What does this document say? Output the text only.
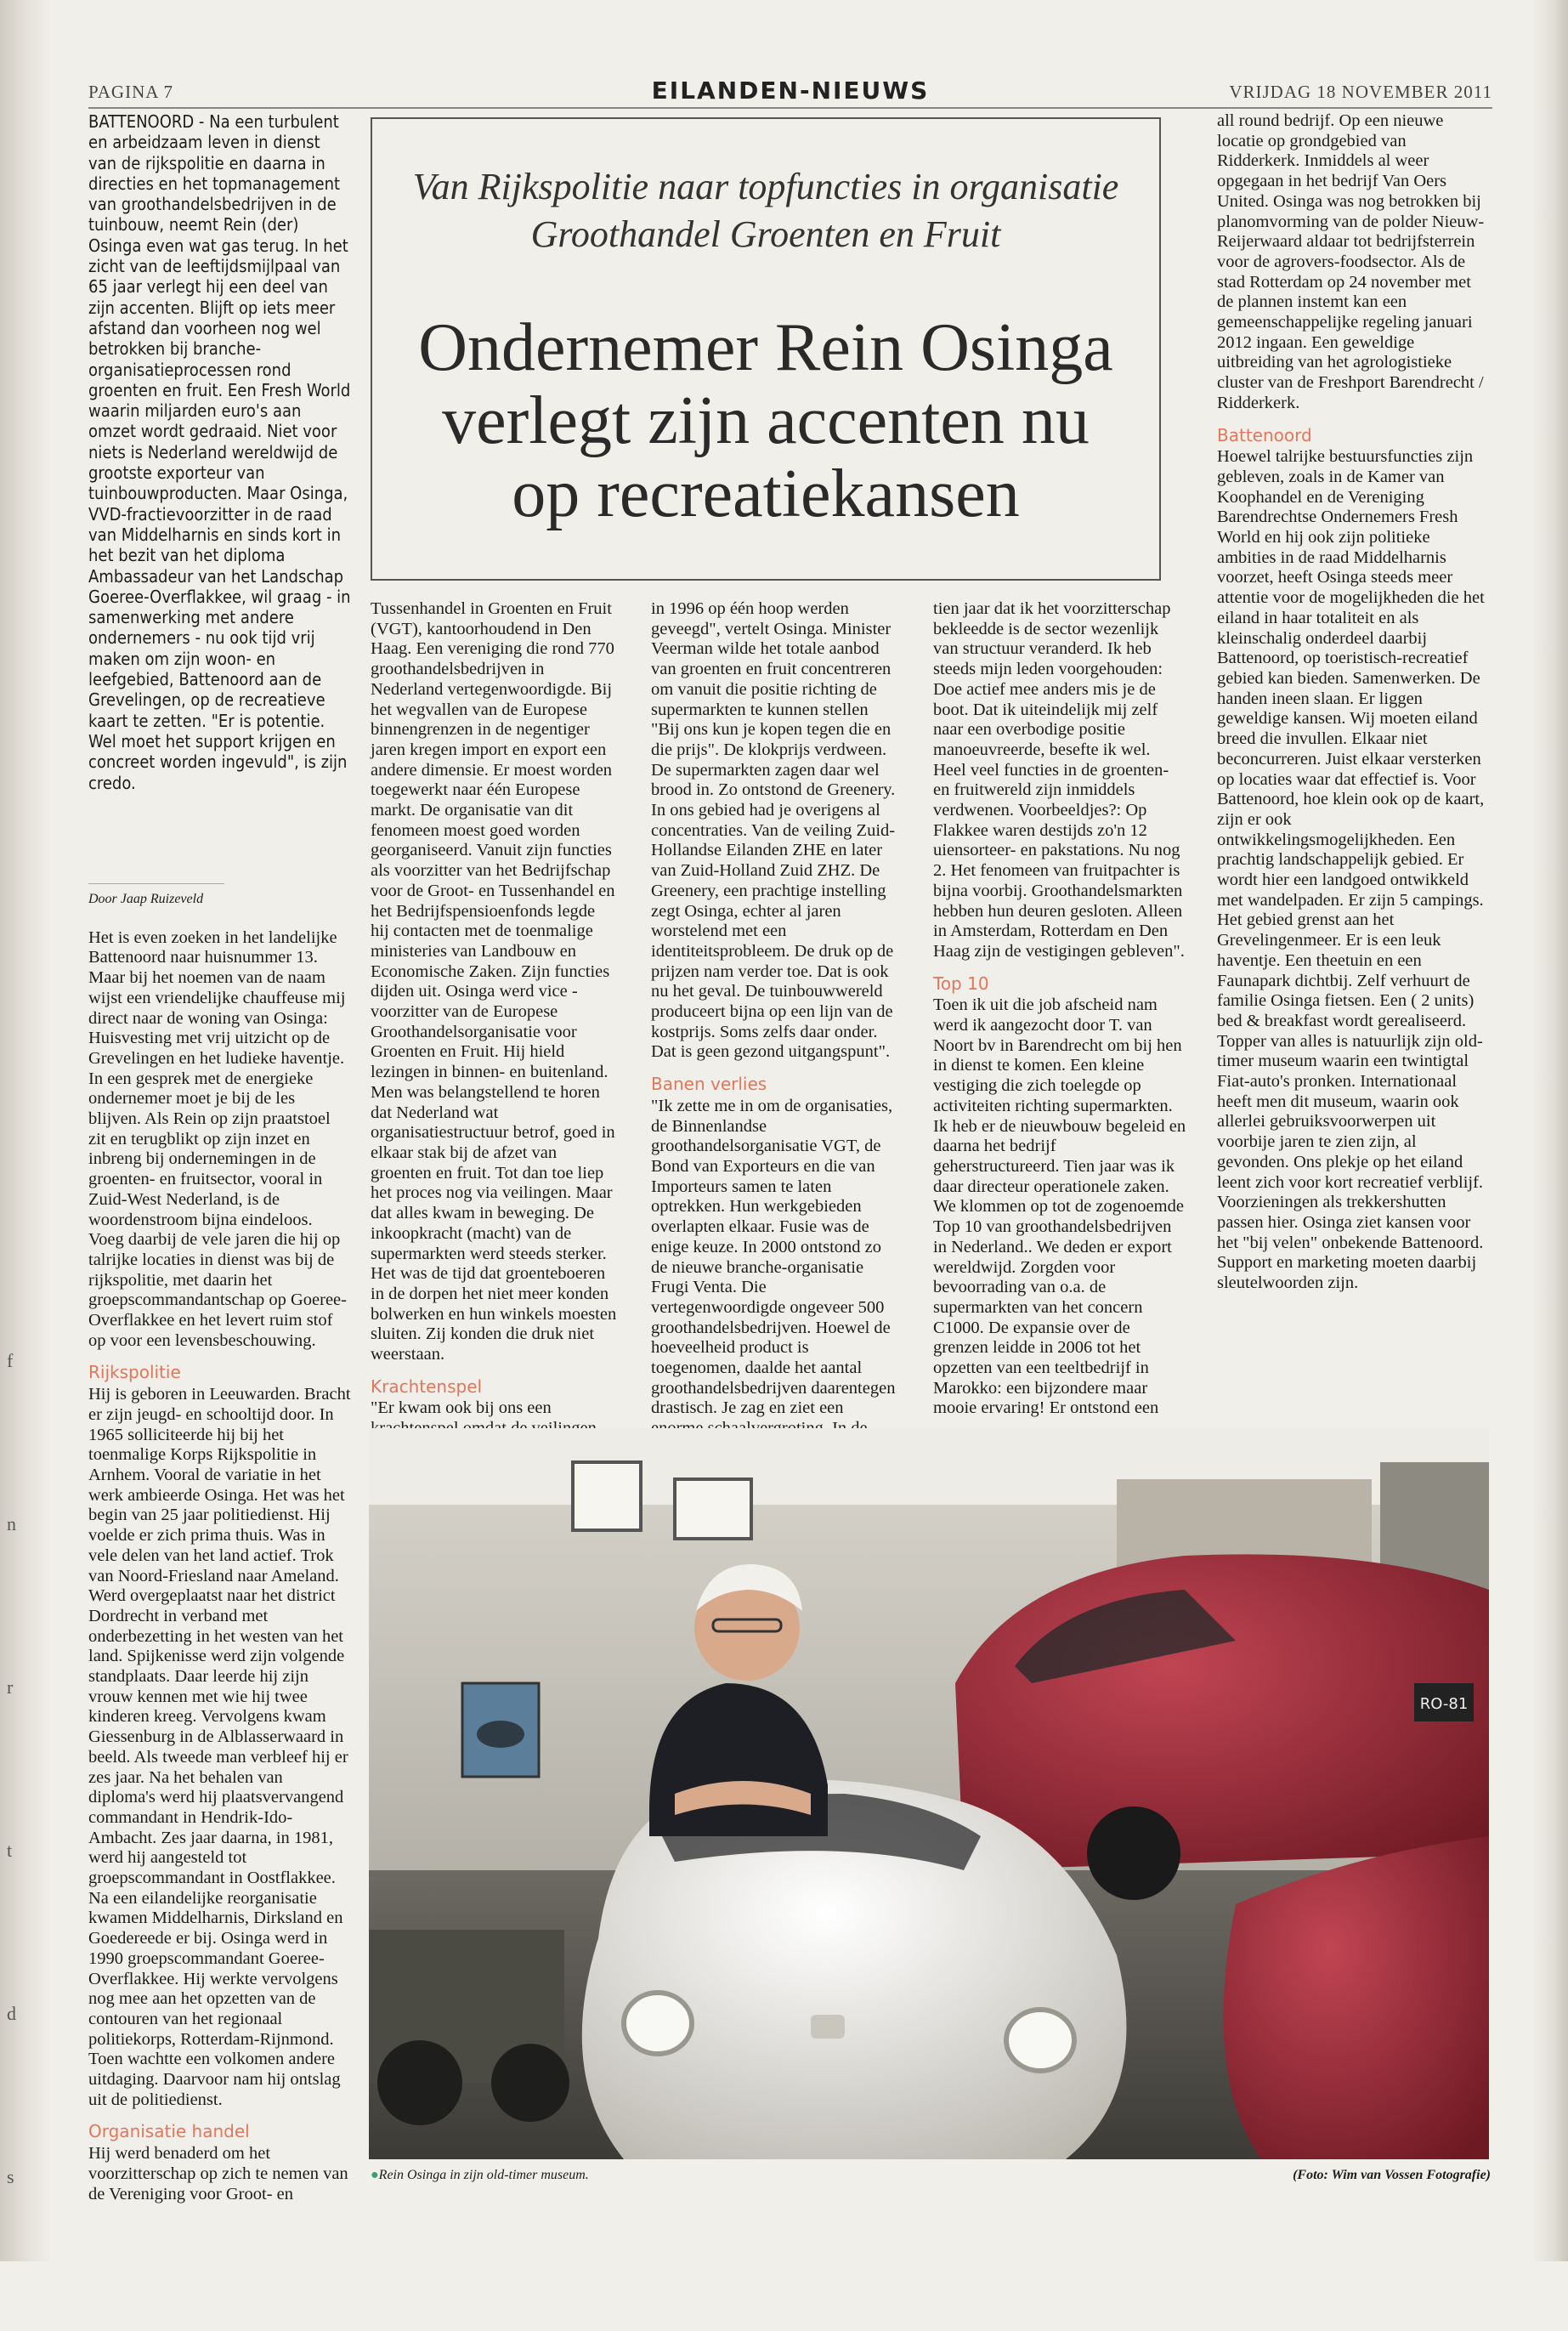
f
n
r
t
d
s
PAGINA 7	EILANDEN-NIEUWS	VRIJDAG 18 NOVEMBER 2011

BATTENOORD - Na een turbulent en arbeidzaam leven in dienst van de rijkspolitie en daarna in directies en het topmanagement van groothandelsbedrijven in de tuinbouw, neemt Rein (der) Osinga even wat gas terug. In het zicht van de leeftijdsmijlpaal van 65 jaar verlegt hij een deel van zijn accenten. Blijft op iets meer afstand dan voorheen nog wel betrokken bij branche-organisatieprocessen rond groenten en fruit. Een Fresh World waarin miljarden euro's aan omzet wordt gedraaid. Niet voor niets is Nederland wereldwijd de grootste exporteur van tuinbouwproducten. Maar Osinga, VVD-fractievoorzitter in de raad van Middelharnis en sinds kort in het bezit van het diploma Ambassadeur van het Landschap Goeree-Overflakkee, wil graag - in samenwerking met andere ondernemers - nu ook tijd vrij maken om zijn woon- en leefgebied, Battenoord aan de Grevelingen, op de recreatieve kaart te zetten. "Er is potentie. Wel moet het support krijgen en concreet worden ingevuld", is zijn credo.

Door Jaap Ruizeveld

Het is even zoeken in het landelijke Battenoord naar huisnummer 13. Maar bij het noemen van de naam wijst een vriendelijke chauffeuse mij direct naar de woning van Osinga: Huisvesting met vrij uitzicht op de Grevelingen en het ludieke haventje. In een gesprek met de energieke ondernemer moet je bij de les blijven. Als Rein op zijn praatstoel zit en terugblikt op zijn inzet en inbreng bij ondernemingen in de groenten- en fruitsector, vooral in Zuid-West Nederland, is de woordenstroom bijna eindeloos. Voeg daarbij de vele jaren die hij op talrijke locaties in dienst was bij de rijkspolitie, met daarin het groepscommandantschap op Goeree-Overflakkee en het levert ruim stof op voor een levensbeschouwing.

Rijkspolitie

Hij is geboren in Leeuwarden. Bracht er zijn jeugd- en schooltijd door. In 1965 solliciteerde hij bij het toenmalige Korps Rijkspolitie in Arnhem. Vooral de variatie in het werk ambieerde Osinga. Het was het begin van 25 jaar politiedienst. Hij voelde er zich prima thuis. Was in vele delen van het land actief. Trok van Noord-Friesland naar Ameland. Werd overgeplaatst naar het district Dordrecht in verband met onderbezetting in het westen van het land. Spijkenisse werd zijn volgende standplaats. Daar leerde hij zijn vrouw kennen met wie hij twee kinderen kreeg. Vervolgens kwam Giessenburg in de Alblasserwaard in beeld. Als tweede man verbleef hij er zes jaar. Na het behalen van diploma's werd hij plaatsvervangend commandant in Hendrik-Ido-Ambacht. Zes jaar daarna, in 1981, werd hij aangesteld tot groepscommandant in Oostflakkee. Na een eilandelijke reorganisatie kwamen Middelharnis, Dirksland en Goedereede er bij. Osinga werd in 1990 groepscommandant Goeree-Overflakkee. Hij werkte vervolgens nog mee aan het opzetten van de contouren van het regionaal politiekorps, Rotterdam-Rijnmond. Toen wachtte een volkomen andere uitdaging. Daarvoor nam hij ontslag uit de politiedienst.

Organisatie handel

Hij werd benaderd om het voorzitterschap op zich te nemen van de Vereniging voor Groot- en

Van Rijkspolitie naar topfuncties in organisatie
Groothandel Groenten en Fruit
Ondernemer Rein Osinga
verlegt zijn accenten nu
op recreatiekansen

Tussenhandel in Groenten en Fruit (VGT), kantoorhoudend in Den Haag. Een vereniging die rond 770 groothandelsbedrijven in Nederland vertegenwoordigde. Bij het wegvallen van de Europese binnengrenzen in de negentiger jaren kregen import en export een andere dimensie. Er moest worden toegewerkt naar één Europese markt. De organisatie van dit fenomeen moest goed worden georganiseerd. Vanuit zijn functies als voorzitter van het Bedrijfschap voor de Groot- en Tussenhandel en het Bedrijfspensioenfonds legde hij contacten met de toenmalige ministeries van Landbouw en Economische Zaken. Zijn functies dijden uit. Osinga werd vice - voorzitter van de Europese Groothandelsorganisatie voor Groenten en Fruit. Hij hield lezingen in binnen- en buitenland. Men was belangstellend te horen dat Nederland wat organisatiestructuur betrof, goed in elkaar stak bij de afzet van groenten en fruit. Tot dan toe liep het proces nog via veilingen. Maar dat alles kwam in beweging. De inkoopkracht (macht) van de supermarkten werd steeds sterker. Het was de tijd dat groenteboeren in de dorpen het niet meer konden bolwerken en hun winkels moesten sluiten. Zij konden die druk niet weerstaan.

Krachtenspel

"Er kwam ook bij ons een

in 1996 op één hoop werden geveegd", vertelt Osinga. Minister Veerman wilde het totale aanbod van groenten en fruit concentreren om vanuit die positie richting de supermarkten te kunnen stellen "Bij ons kun je kopen tegen die en die prijs". De klokprijs verdween. De supermarkten zagen daar wel brood in. Zo ontstond de Greenery. In ons gebied had je overigens al concentraties. Van de veiling Zuid-Hollandse Eilanden ZHE en later van Zuid-Holland Zuid ZHZ. De Greenery, een prachtige instelling zegt Osinga, echter al jaren worstelend met een identiteitsprobleem. De druk op de prijzen nam verder toe. Dat is ook nu het geval. De tuinbouwwereld produceert bijna op een lijn van de kostprijs. Soms zelfs daar onder. Dat is geen gezond uitgangspunt".

Banen verlies

"Ik zette me in om de organisaties, de Binnenlandse groothandelsorganisatie VGT, de Bond van Exporteurs en die van Importeurs samen te laten optrekken. Hun werkgebieden overlapten elkaar. Fusie was de enige keuze. In 2000 ontstond zo de nieuwe branche-organisatie Frugi Venta. Die vertegenwoordigde ongeveer 500 groothandelsbedrijven. Hoewel de hoeveelheid product is toegenomen, daalde het aantal groothandelsbedrijven daarentegen drastisch. Je zag en ziet een

tien jaar dat ik het voorzitterschap bekleedde is de sector wezenlijk van structuur veranderd. Ik heb steeds mijn leden voorgehouden: Doe actief mee anders mis je de boot. Dat ik uiteindelijk mij zelf naar een overbodige positie manoeuvreerde, besefte ik wel. Heel veel functies in de groenten- en fruitwereld zijn inmiddels verdwenen. Voorbeeldjes?: Op Flakkee waren destijds zo'n 12 uiensorteer- en pakstations. Nu nog 2. Het fenomeen van fruitpachter is bijna voorbij. Groothandelsmarkten hebben hun deuren gesloten. Alleen in Amsterdam, Rotterdam en Den Haag zijn de vestigingen gebleven".

Top 10

Toen ik uit die job afscheid nam werd ik aangezocht door T. van Noort bv in Barendrecht om bij hen in dienst te komen. Een kleine vestiging die zich toelegde op activiteiten richting supermarkten. Ik heb er de nieuwbouw begeleid en daarna het bedrijf geherstructureerd. Tien jaar was ik daar directeur operationele zaken. We klommen op tot de zogenoemde Top 10 van groothandelsbedrijven in Nederland.. We deden er export wereldwijd. Zorgden voor bevoorrading van o.a. de supermarkten van het concern C1000. De expansie over de grenzen leidde in 2006 tot het opzetten van een teeltbedrijf in Marokko: een bijzondere maar mooie ervaring! Er ontstond een

all round bedrijf. Op een nieuwe locatie op grondgebied van Ridderkerk. Inmiddels al weer opgegaan in het bedrijf Van Oers United. Osinga was nog betrokken bij planomvorming van de polder Nieuw-Reijerwaard aldaar tot bedrijfsterrein voor de agrovers-foodsector. Als de stad Rotterdam op 24 november met de plannen instemt kan een gemeenschappelijke regeling januari 2012 ingaan. Een geweldige uitbreiding van het agrologistieke cluster van de Freshport Barendrecht / Ridderkerk.

Battenoord

Hoewel talrijke bestuursfuncties zijn gebleven, zoals in de Kamer van Koophandel en de Vereniging Barendrechtse Ondernemers Fresh World en hij ook zijn politieke ambities in de raad Middelharnis voorzet, heeft Osinga steeds meer attentie voor de mogelijkheden die het eiland in haar totaliteit en als kleinschalig onderdeel daarbij Battenoord, op toeristisch-recreatief gebied kan bieden. Samenwerken. De handen ineen slaan. Er liggen geweldige kansen. Wij moeten eiland breed die invullen. Elkaar niet beconcurreren. Juist elkaar versterken op locaties waar dat effectief is. Voor Battenoord, hoe klein ook op de kaart, zijn er ook ontwikkelingsmogelijkheden. Een prachtig landschappelijk gebied. Er wordt hier een landgoed ontwikkeld met wandelpaden. Er zijn 5 campings. Het gebied grenst aan het Grevelingenmeer. Er is een leuk haventje. Een theetuin en een Faunapark dichtbij. Zelf verhuurt de familie Osinga fietsen. Een ( 2 units) bed & breakfast wordt gerealiseerd. Topper van alles is natuurlijk zijn old-timer museum waarin een twintigtal Fiat-auto's pronken. Internationaal heeft men dit museum, waarin ook allerlei gebruiksvoorwerpen uit voorbije jaren te zien zijn, al gevonden. Ons plekje op het eiland leent zich voor kort recreatief verblijf. Voorzieningen als trekkershutten passen hier. Osinga ziet kansen voor het "bij velen" onbekende Battenoord. Support en marketing moeten daarbij sleutelwoorden zijn.

RO-81
● Rein Osinga in zijn old-timer museum.	(Foto: Wim van Vossen Fotografie)
